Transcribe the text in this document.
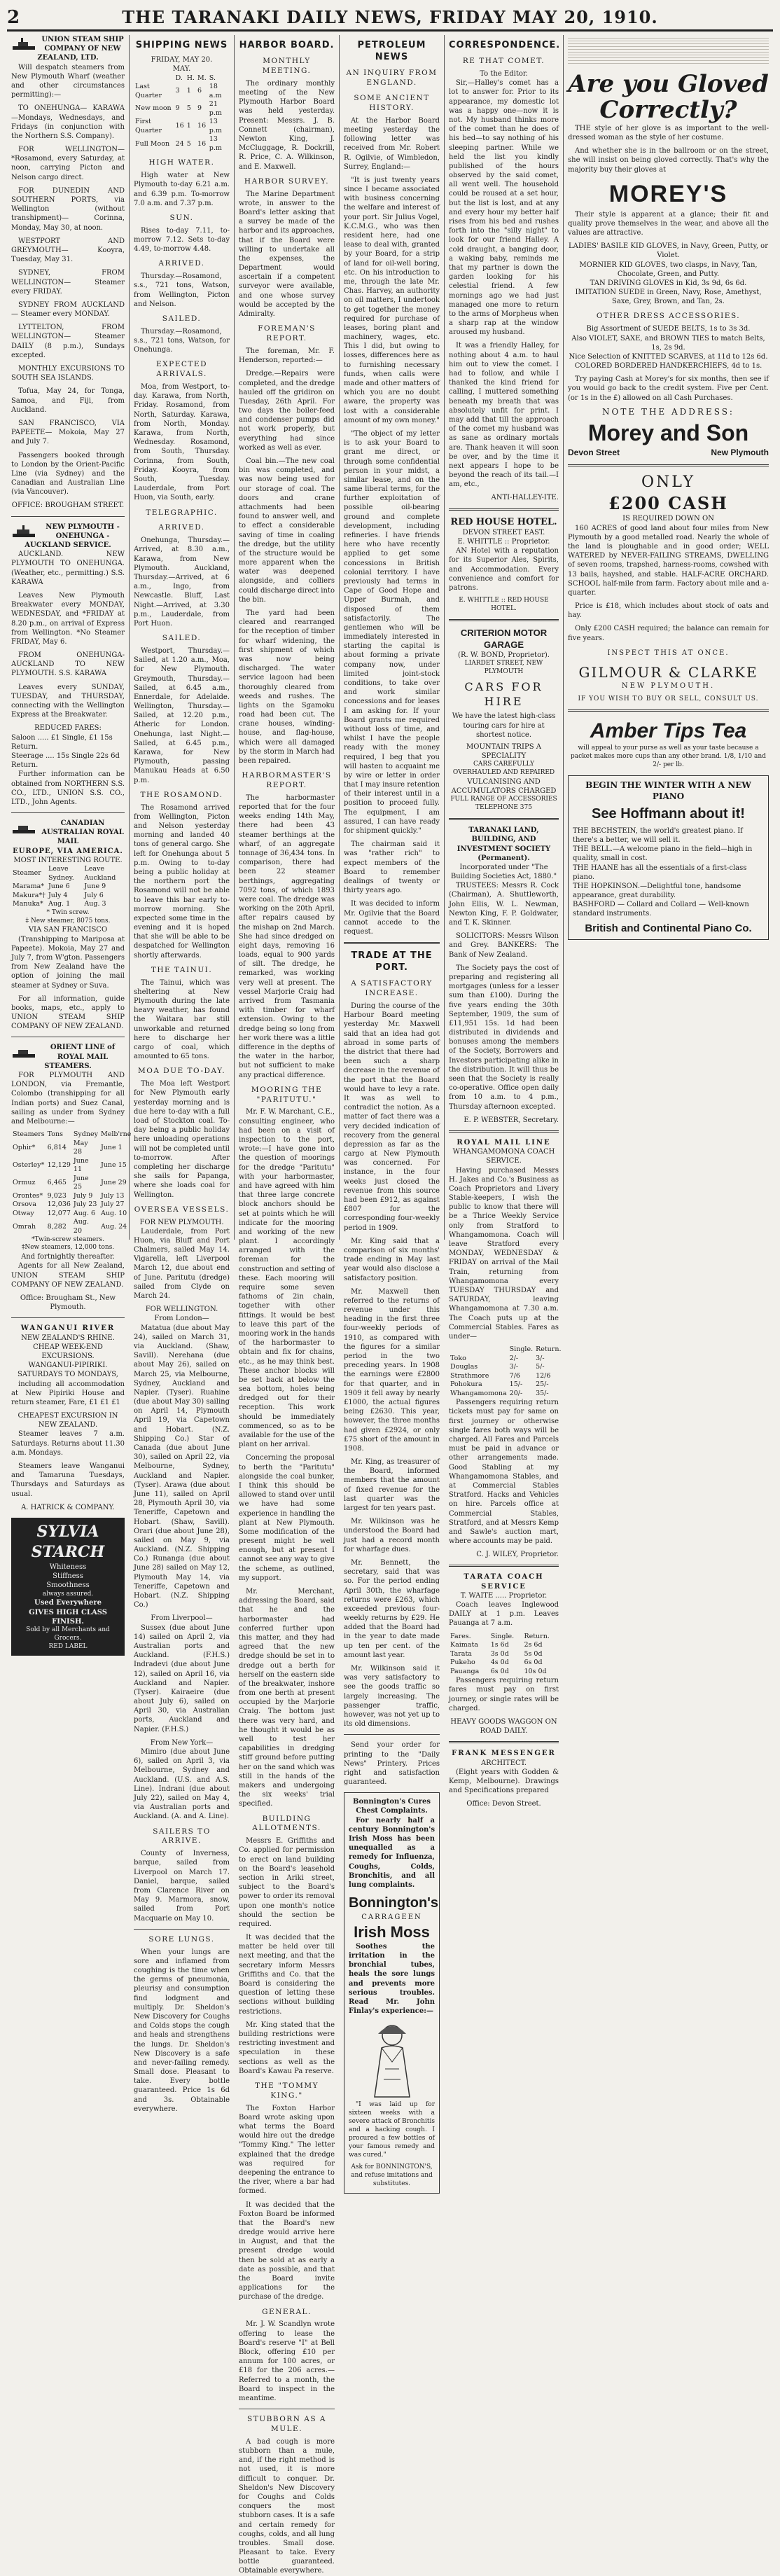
2	THE TARANAKI DAILY NEWS, FRIDAY MAY 20, 1910.
UNION STEAM SHIP COMPANY OF NEW ZEALAND, LTD.

Will despatch steamers from New Plymouth Wharf (weather and other circumstances permitting):—

TO ONEHUNGA— KARAWA—Mondays, Wednesdays, and Fridays (in conjunction with the Northern S.S. Company).

FOR WELLINGTON— *Rosamond, every Saturday, at noon, carrying Picton and Nelson cargo direct.

FOR DUNEDIN AND SOUTHERN PORTS, via Wellington (without transhipment)— Corinna, Monday, May 30, at noon.

WESTPORT AND GREYMOUTH— Kooyra, Tuesday, May 31.

SYDNEY, FROM WELLINGTON— Steamer every FRIDAY.

SYDNEY FROM AUCKLAND— Steamer every MONDAY.

LYTTELTON, FROM WELLINGTON— Steamer DAILY (8 p.m.), Sundays excepted.

MONTHLY EXCURSIONS TO SOUTH SEA ISLANDS.

Tofua, May 24, for Tonga, Samoa, and Fiji, from Auckland.

SAN FRANCISCO, VIA PAPEETE— Mokoia, May 27 and July 7.

Passengers booked through to London by the Orient-Pacific Line (via Sydney) and the Canadian and Australian Line (via Vancouver).

OFFICE: BROUGHAM STREET.
NEW PLYMOUTH - ONEHUNGA - AUCKLAND SERVICE.

AUCKLAND. NEW PLYMOUTH TO ONEHUNGA. (Weather, etc., permitting.) S.S. KARAWA

Leaves New Plymouth Breakwater every MONDAY, WEDNESDAY, and *FRIDAY at 8.20 p.m., on arrival of Express from Wellington. *No Steamer FRIDAY, May 6.

FROM ONEHUNGA-AUCKLAND TO NEW PLYMOUTH. S.S. KARAWA

Leaves every SUNDAY, TUESDAY, and THURSDAY, connecting with the Wellington Express at the Breakwater.

REDUCED FARES:
Saloon ..... £1 Single, £1 15s Return.
Steerage .... 15s Single 22s 6d Return.

Further information can be obtained from NORTHERN S.S. CO., LTD., UNION S.S. CO., LTD., John Agents.

CANADIAN AUSTRALIAN ROYAL MAIL
EUROPE, VIA AMERICA.
MOST INTERESTING ROUTE.
Steamer	Leave Sydney.	Leave Auckland
Marama*	June 6	June 9
Makura*†	July 4	July 6
Manuka*	Aug. 1	Aug. 3
* Twin screw.
‡ New steamer, 8075 tons.
VIA SAN FRANCISCO

(Transhipping to Mariposa at Papeete). Mokoia, May 27 and July 7, from W'gton. Passengers from New Zealand have the option of joining the mail steamer at Sydney or Suva.

For all information, guide books, maps, etc., apply to UNION STEAM SHIP COMPANY OF NEW ZEALAND.

ORIENT LINE of ROYAL MAIL STEAMERS.

FOR PLYMOUTH AND LONDON, via Fremantle, Colombo (transhipping for all Indian ports) and Suez Canal, sailing as under from Sydney and Melbourne:—

Steamers	Tons	Sydney	Melb'rne
Ophir*	6,814	May 28	June 1
Osterley*	12,129	June 11	June 15
Ormuz	6,465	June 25	June 29
Orontes*	9,023	July 9	July 13
Orsova	12,036	July 23	July 27
Otway	12,077	Aug. 6	Aug. 10
Omrah	8,282	Aug. 20	Aug. 24
*Twin-screw steamers.
‡New steamers, 12,000 tons.
And fortnightly thereafter.

Agents for all New Zealand, UNION STEAM SHIP COMPANY OF NEW ZEALAND.

Office: Brougham St., New Plymouth.
WANGANUI RIVER
NEW ZEALAND'S RHINE.
CHEAP WEEK-END EXCURSIONS.
WANGANUI-PIPIRIKI.
SATURDAYS TO MONDAYS,

including all accommodation at New Pipiriki House and return steamer, Fare, £1 £1 £1

CHEAPEST EXCURSION IN NEW ZEALAND.

Steamer leaves 7 a.m. Saturdays. Returns about 11.30 a.m. Mondays.

Steamers leave Wanganui and Tamaruna Tuesdays, Thursdays and Saturdays as usual.

A. HATRICK & COMPANY.
SYLVIA STARCH
Whiteness
Stiffness
Smoothness
always assured.
Used Everywhere
GIVES HIGH CLASS FINISH.
Sold by all Merchants and Grocers.
RED LABEL
SHIPPING NEWS
FRIDAY, MAY 20.
MAY.
	D.	H.	M.	S.
Last Quarter	3	1	6	18 a.m
New moon	9	5	9	21 p.m
First Quarter	16	1	16	13 p.m
Full Moon	24	5	16	13 p.m
HIGH WATER.

High water at New Plymouth to-day 6.21 a.m. and 6.39 p.m. To-morrow 7.0 a.m. and 7.37 p.m.

SUN.

Rises to-day 7.11, to-morrow 7.12. Sets to-day 4.49, to-morrow 4.48.

ARRIVED.

Thursday.—Rosamond, s.s., 721 tons, Watson, from Wellington, Picton and Nelson.

SAILED.

Thursday.—Rosamond, s.s., 721 tons, Watson, for Onehunga.

EXPECTED ARRIVALS.

Moa, from Westport, to-day. Karawa, from North, Friday. Rosamond, from North, Saturday. Karawa, from North, Monday. Karawa, from North, Wednesday. Rosamond, from South, Thursday. Corinna, from South, Friday. Kooyra, from South, Tuesday. Lauderdale, from Port Huon, via South, early.

TELEGRAPHIC.
ARRIVED.

Onehunga, Thursday.—Arrived, at 8.30 a.m., Karawa, from New Plymouth. Auckland, Thursday.—Arrived, at 6 a.m., Ingo, from Newcastle. Bluff, Last Night.—Arrived, at 3.30 p.m., Lauderdale, from Port Huon.

SAILED.

Westport, Thursday.—Sailed, at 1.20 a.m., Moa, for New Plymouth. Greymouth, Thursday.—Sailed, at 6.45 a.m., Ennerdale, for Adelaide. Wellington, Thursday.—Sailed, at 12.20 p.m., Atheric for London. Onehunga, last Night.—Sailed, at 6.45 p.m., Karawa, for New Plymouth, passing Manukau Heads at 6.50 p.m.

THE ROSAMOND.

The Rosamond arrived from Wellington, Picton and Nelson yesterday morning and landed 40 tons of general cargo. She left for Onehunga about 5 p.m. Owing to to-day being a public holiday at the northern port the Rosamond will not be able to leave this bar early to-morrow morning. She expected some time in the evening and it is hoped that she will be able to be despatched for Wellington shortly afterwards.

THE TAINUI.

The Tainui, which was sheltering at New Plymouth during the late heavy weather, has found the Waitara bar still unworkable and returned here to discharge her cargo of coal, which amounted to 65 tons.

MOA DUE TO-DAY.

The Moa left Westport for New Plymouth early yesterday morning and is due here to-day with a full load of Stockton coal. To-day being a public holiday here unloading operations will not be completed until to-morrow. After completing her discharge she sails for Papanga, where she loads coal for Wellington.

OVERSEA VESSELS.
FOR NEW PLYMOUTH.

Lauderdale, from Port Huon, via Bluff and Port Chalmers, sailed May 14. Vigarella, left Liverpool March 12, due about end of June. Paritutu (dredge) sailed from Clyde on March 24.

FOR WELLINGTON.
From London—

Matatua (due about May 24), sailed on March 31, via Auckland. (Shaw, Savill). Nerehana (due about May 26), sailed on March 25, via Melbourne, Sydney, Auckland and Napier. (Tyser). Ruahine (due about May 30) sailing on April 14, Plymouth April 19, via Capetown and Hobart. (N.Z. Shipping Co.) Star of Canada (due about June 30), sailed on April 22, via Melbourne, Sydney, Auckland and Napier. (Tyser). Arawa (due about June 11), sailed on April 28, Plymouth April 30, via Teneriffe, Capetown and Hobart. (Shaw, Savill). Orari (due about June 28), sailed on May 9, via Auckland. (N.Z. Shipping Co.) Runanga (due about June 28) sailed on May 12, Plymouth May 14, via Teneriffe, Capetown and Hobart. (N.Z. Shipping Co.)

From Liverpool—

Sussex (due about June 14) sailed on April 2, via Australian ports and Auckland. (F.H.S.) Indradevi (due about June 12), sailed on April 16, via Auckland and Napier. (Tyser). Kairaeire (due about July 6), sailed on April 30, via Australian ports, Auckland and Napier. (F.H.S.)

From New York—

Mimiro (due about June 6), sailed on April 3, via Melbourne, Sydney and Auckland. (U.S. and A.S. Line). Indrani (due about July 22), sailed on May 4, via Australian ports and Auckland. (A. and A. Line).

SAILERS TO ARRIVE.

County of Inverness, barque, sailed from Liverpool on March 17. Daniel, barque, sailed from Clarence River on May 9. Marmora, snow, sailed from Port Macquarie on May 10.

SORE LUNGS.

When your lungs are sore and inflamed from coughing is the time when the germs of pneumonia, pleurisy and consumption find lodgment and multiply. Dr. Sheldon's New Discovery for Coughs and Colds stops the cough and heals and strengthens the lungs. Dr. Sheldon's New Discovery is a safe and never-failing remedy. Small dose. Pleasant to take. Every bottle guaranteed. Price 1s 6d and 3s. Obtainable everywhere.

HARBOR BOARD.
MONTHLY MEETING.

The ordinary monthly meeting of the New Plymouth Harbor Board was held yesterday. Present: Messrs. J. B. Connett (chairman), Newton King, J. McCluggage, R. Dockrill, R. Price, C. A. Wilkinson, and E. Maxwell.

HARBOR SURVEY.

The Marine Department wrote, in answer to the Board's letter asking that a survey be made of the harbor and its approaches, that if the Board were willing to undertake all the expenses, the Department would ascertain if a competent surveyor were available, and one whose survey would be accepted by the Admiralty.

FOREMAN'S REPORT.

The foreman, Mr. F. Henderson, reported:—

Dredge.—Repairs were completed, and the dredge hauled off the gridiron on Tuesday, 26th April. For two days the boiler-feed and condenser pumps did not work properly, but everything had since worked as well as ever.

Coal bin.—The new coal bin was completed, and was now being used for our storage of coal. The doors and crane attachments had been found to answer well, and to effect a considerable saving of time in coaling the dredge, but the utility of the structure would be more apparent when the water was deepened alongside, and colliers could discharge direct into the bin.

The yard had been cleared and rearranged for the reception of timber for wharf widening, the first shipment of which was now being discharged. The water service lagoon had been thoroughly cleared from weeds and rushes. The lights on the Sgamoku road had been cut. The crane houses, winding-house, and flag-house, which were all damaged by the storm in March had been repaired.

HARBORMASTER'S REPORT.

The harbormaster reported that for the four weeks ending 14th May, there had been 43 steamer berthings at the wharf, of an aggregate tonnage of 36,434 tons. In comparison, there had been 22 steamer berthings, aggregating 7092 tons, of which 1893 were coal. The dredge was working on the 20th April, after repairs caused by the mishap on 2nd March. She had since dredged on eight days, removing 16 loads, equal to 900 yards of silt. The dredge, he remarked, was working very well at present. The vessel Marjorie Craig had arrived from Tasmania with timber for wharf extension. Owing to the dredge being so long from her work there was a little difference in the depths of the water in the harbor, but not sufficient to make any practical difference.

MOORING THE "PARITUTU."

Mr. F. W. Marchant, C.E., consulting engineer, who had been on a visit of inspection to the port, wrote:—I have gone into the question of moorings for the dredge "Paritutu" with your harbormaster, and have agreed with him that three large concrete block anchors should be set at points which he will indicate for the mooring and working of the new plant. I accordingly arranged with the foreman for the construction and setting of these. Each mooring will require some seven fathoms of 2in chain, together with other fittings. It would be best to leave this part of the mooring work in the hands of the harbormaster to obtain and fix for chains, etc., as he may think best. These anchor blocks will be set back at below the sea bottom, holes being dredged out for their reception. This work should be immediately commenced, so as to be available for the use of the plant on her arrival.

Concerning the proposal to berth the "Paritutu" alongside the coal bunker, I think this should be allowed to stand over until we have had some experience in handling the plant at New Plymouth. Some modification of the present might be well enough, but at present I cannot see any way to give the scheme, as outlined, my support.

Mr. Merchant, addressing the Board, said that he and the harbormaster had conferred further upon this matter, and they had agreed that the new dredge should be set in to dredge out a berth for herself on the eastern side of the breakwater, inshore from one berth at present occupied by the Marjorie Craig. The bottom just there was very hard, and he thought it would be as well to test her capabilities in dredging stiff ground before putting her on the sand which was still in the hands of the makers and undergoing the six weeks' trial specified.

BUILDING ALLOTMENTS.

Messrs E. Griffiths and Co. applied for permission to erect on land building on the Board's leasehold section in Ariki street, subject to the Board's power to order its removal upon one month's notice should the section be required.

It was decided that the matter be held over till next meeting, and that the secretary inform Messrs Griffiths and Co. that the Board is considering the question of letting these sections without building restrictions.

Mr. King stated that the building restrictions were restricting investment and speculation in these sections as well as the Board's Kawau Pa reserve.

THE "TOMMY KING."

The Foxton Harbor Board wrote asking upon what terms the Board would hire out the dredge "Tommy King." The letter explained that the dredge was required for deepening the entrance to the river, where a bar had formed.

It was decided that the Foxton Board be informed that the Board's new dredge would arrive here in August, and that the present dredge would then be sold at as early a date as possible, and that the Board invite applications for the purchase of the dredge.

GENERAL.

Mr. J. W. Scandlyn wrote offering to lease the Board's reserve "I" at Bell Block, offering £10 per annum for 100 acres, or £18 for the 206 acres.—Referred to a month, the Board to inspect in the meantime.

STUBBORN AS A MULE.

A bad cough is more stubborn than a mule, and, if the right method is not used, it is more difficult to conquer. Dr. Sheldon's New Discovery for Coughs and Colds conquers the most stubborn cases. It is a safe and certain remedy for coughs, colds, and all lung troubles. Small dose. Pleasant to take. Every bottle guaranteed. Obtainable everywhere.

PETROLEUM NEWS
AN INQUIRY FROM ENGLAND.
SOME ANCIENT HISTORY.

At the Harbor Board meeting yesterday the following letter was received from Mr. Robert R. Ogilvie, of Wimbledon, Surrey, England:—

"It is just twenty years since I became associated with business concerning the welfare and interest of your port. Sir Julius Vogel, K.C.M.G., who was then resident here, had one lease to deal with, granted by your Board, for a strip of land for oil-well boring, etc. On his introduction to me, through the late Mr. Chas. Harvey, an authority on oil matters, I undertook to get together the money required for purchase of leases, boring plant and machinery, wages, etc. This I did, but owing to losses, differences here as to furnishing necessary funds, when calls were made and other matters of which you are no doubt aware, the property was lost with a considerable amount of my own money."

"The object of my letter is to ask your Board to grant me direct, or through some confidential person in your midst, a similar lease, and on the same liberal terms, for the further exploitation of possible oil-bearing ground and complete development, including refineries. I have friends here who have recently applied to get some concessions in British colonial territory. I have previously had terms in Cape of Good Hope and Upper Burmah, and disposed of them satisfactorily. The gentlemen who will be immediately interested in starting the capital is about forming a private company now, under limited joint-stock conditions, to take over and work similar concessions and for leases I am asking for. If your Board grants me required without loss of time, and whilst I have the people ready with the money required, I beg that you will hasten to acquaint me by wire or letter in order that I may insure retention of their interest until in a position to proceed fully. The equipment, I am assured, I can have ready for shipment quickly."

The chairman said it was "rather rich" to expect members of the Board to remember dealings of twenty or thirty years ago.

It was decided to inform Mr. Ogilvie that the Board cannot accede to the request.

TRADE AT THE PORT.
A SATISFACTORY INCREASE.

During the course of the Harbour Board meeting yesterday Mr. Maxwell said that an idea had got abroad in some parts of the district that there had been such a sharp decrease in the revenue of the port that the Board would have to levy a rate. It was as well to contradict the notion. As a matter of fact there was a very decided indication of recovery from the general depression as far as the cargo at New Plymouth was concerned. For instance, in the four weeks just closed the revenue from this source had been £912, as against £807 for the corresponding four-weekly period in 1909.

Mr. King said that a comparison of six months' trade ending in May last year would also disclose a satisfactory position.

Mr. Maxwell then referred to the returns of revenue under this heading in the first three four-weekly periods of 1910, as compared with the figures for a similar period in the two preceding years. In 1908 the earnings were £2800 for that quarter, and in 1909 it fell away by nearly £1000, the actual figures being £2630. This year, however, the three months had given £2924, or only £75 short of the amount in 1908.

Mr. King, as treasurer of the Board, informed members that the amount of fixed revenue for the last quarter was the largest for ten years past.

Mr. Wilkinson was he understood the Board had just had a record month for wharfage dues.

Mr. Bennett, the secretary, said that was so. For the period ending April 30th, the wharfage returns were £263, which exceeded previous four-weekly returns by £29. He added that the Board had in the year to date made up ten per cent. of the amount last year.

Mr. Wilkinson said it was very satisfactory to see the goods traffic so largely increasing. The passenger traffic, however, was not yet up to its old dimensions.

Send your order for printing to the "Daily News" Printery. Prices right and satisfaction guaranteed.

Bonnington's Cures Chest Complaints.

For nearly half a century Bonnington's Irish Moss has been unequalled as a remedy for Influenza, Coughs, Colds, Bronchitis, and all lung complaints.

Bonnington's
CARRAGEEN
Irish Moss

Soothes the irritation in the bronchial tubes, heals the sore lungs and prevents more serious troubles. Read Mr. John Finlay's experience:—

"I was laid up for sixteen weeks with a severe attack of Bronchitis and a hacking cough. I procured a few bottles of your famous remedy and was cured."

Ask for BONNINGTON'S, and refuse imitations and substitutes.
CORRESPONDENCE.
RE THAT COMET.
To the Editor.

Sir,—Halley's comet has a lot to answer for. Prior to its appearance, my domestic lot was a happy one—now it is not. My husband thinks more of the comet than he does of his bed—to say nothing of his sleeping partner. While we held the list you kindly published of the hours observed by the said comet, all went well. The household could be roused at a set hour, but the list is lost, and at any and every hour my better half rises from his bed and rushes forth into the "silly night" to look for our friend Halley. A cold draught, a banging door, a waking baby, reminds me that my partner is down the garden looking for his celestial friend. A few mornings ago we had just managed one more to return to the arms of Morpheus when a sharp rap at the window aroused my husband.

It was a friendly Halley, for nothing about 4 a.m. to haul him out to view the comet. I had to follow, and while I thanked the kind friend for calling, I muttered something beneath my breath that was absolutely unfit for print. I may add that till the approach of the comet my husband was as sane as ordinary mortals are. Thank heaven it will soon be over, and by the time it next appears I hope to be beyond the reach of its tail.—I am, etc.,

ANTI-HALLEY-ITE.
RED HOUSE HOTEL.
DEVON STREET EAST.
E. WHITTLE :: Proprietor.

AN Hotel with a reputation for its Superior Ales, Spirits, and Accommodation. Every convenience and comfort for patrons.

E. WHITTLE :: RED HOUSE HOTEL.
CRITERION MOTOR GARAGE
(R. W. BOND, Proprietor).
LIARDET STREET, NEW PLYMOUTH
CARS FOR HIRE
We have the latest high-class touring cars for hire at shortest notice.
MOUNTAIN TRIPS A SPECIALITY
CARS CAREFULLY OVERHAULED AND REPAIRED
VULCANISING AND ACCUMULATORS CHARGED
FULL RANGE OF ACCESSORIES TELEPHONE 375
TARANAKI LAND, BUILDING, AND INVESTMENT SOCIETY (Permanent).
Incorporated under "The Building Societies Act, 1880."

TRUSTEES: Messrs R. Cock (Chairman), A. Shuttleworth, John Ellis, W. L. Newman, Newton King, F. P. Goldwater, and T. K. Skinner.

SOLICITORS: Messrs Wilson and Grey. BANKERS: The Bank of New Zealand.

The Society pays the cost of preparing and registering all mortgages (unless for a lesser sum than £100). During the five years ending the 30th September, 1909, the sum of £11,951 15s. 1d had been distributed in dividends and bonuses among the members of the Society, Borrowers and Investors participating alike in the distribution. It will thus be seen that the Society is really co-operative. Office open daily from 10 a.m. to 4 p.m., Thursday afternoon excepted.

E. P. WEBSTER, Secretary.
ROYAL MAIL LINE
WHANGAMOMONA COACH SERVICE.

Having purchased Messrs H. Jakes and Co.'s Business as Coach Proprietors and Livery Stable-keepers, I wish the public to know that there will be a Thrice Weekly Service only from Stratford to Whangamomona. Coach will leave Stratford every MONDAY, WEDNESDAY & FRIDAY on arrival of the Mail Train, returning from Whangamomona every TUESDAY THURSDAY and SATURDAY, leaving Whangamomona at 7.30 a.m. The Coach puts up at the Commercial Stables. Fares as under—

	Single.	Return.
Toko	2/-	3/-
Douglas	3/-	5/-
Strathmore	7/6	12/6
Pohokura	15/-	25/-
Whangamomona	20/-	35/-

Passengers requiring return tickets must pay for same on first journey or otherwise single fares both ways will be charged. All Fares and Parcels must be paid in advance or other arrangements made. Good Stabling at my Whangamomona Stables, and at Commercial Stables Stratford. Hacks and Vehicles on hire. Parcels office at Commercial Stables, Stratford, and at Messrs Kemp and Sawle's auction mart, where accounts may be paid.

C. J. WILEY, Proprietor.
TARATA COACH SERVICE
T. WAITE ..... Proprietor.

Coach leaves Inglewood DAILY at 1 p.m. Leaves Pauanga at 7 a.m.

Fares.	Single.	Return.
Kaimata	1s 6d	2s 6d
Tarata	3s 0d	5s 0d
Pukeho	4s 0d	6s 0d
Pauanga	6s 0d	10s 0d

Passengers requiring return fares must pay on first journey, or single rates will be charged.

HEAVY GOODS WAGGON ON ROAD DAILY.
FRANK MESSENGER
ARCHITECT.

(Eight years with Godden & Kemp, Melbourne). Drawings and Specifications prepared

Office: Devon Street.
Are you Gloved Correctly?

THE style of her glove is as important to the well-dressed woman as the style of her costume.

And whether she is in the ballroom or on the street, she will insist on being gloved correctly. That's why the majority buy their gloves at

MOREY'S

Their style is apparent at a glance; their fit and quality prove themselves in the wear, and above all the values are attractive.

LADIES' BASILE KID GLOVES, in Navy, Green, Putty, or Violet.
MORNIER KID GLOVES, two clasps, in Navy, Tan, Chocolate, Green, and Putty.
TAN DRIVING GLOVES in Kid, 3s 9d, 6s 6d.
IMITATION SUEDE in Green, Navy, Rose, Amethyst, Saxe, Grey, Brown, and Tan, 2s.
OTHER DRESS ACCESSORIES.
Big Assortment of SUEDE BELTS, 1s to 3s 3d.
Also VIOLET, SAXE, and BROWN TIES to match Belts, 1s, 2s 9d.
Nice Selection of KNITTED SCARVES, at 11d to 12s 6d.
COLORED BORDERED HANDKERCHIEFS, 4d to 1s.

Try paying Cash at Morey's for six months, then see if you would go back to the credit system. Five per Cent. (or 1s in the £) allowed on all Cash Purchases.

NOTE THE ADDRESS:
Morey and Son
Devon Street	New Plymouth
ONLY
£200 CASH
IS REQUIRED DOWN ON

160 ACRES of good land about four miles from New Plymouth by a good metalled road. Nearly the whole of the land is ploughable and in good order; WELL WATERED by NEVER-FAILING STREAMS, DWELLING of seven rooms, trapshed, harness-rooms, cowshed with 13 bails, hayshed, and stable. HALF-ACRE ORCHARD. SCHOOL half-mile from farm. Factory about mile and a-quarter.

Price is £18, which includes about stock of oats and hay.

Only £200 CASH required; the balance can remain for five years.

INSPECT THIS AT ONCE.
GILMOUR & CLARKE
NEW PLYMOUTH.
IF YOU WISH TO BUY OR SELL, CONSULT US.
Amber Tips Tea
will appeal to your purse as well as your taste because a packet makes more cups than any other brand. 1/8, 1/10 and 2/- per lb.
BEGIN THE WINTER WITH A NEW PIANO
See Hoffmann about it!
THE BECHSTEIN, the world's greatest piano. If there's a better, we will sell it.
THE BELL.—A welcome piano in the field—high in quality, small in cost.
THE HAANE has all the essentials of a first-class piano.
THE HOPKINSON.—Delightful tone, handsome appearance, great durability.
BASHFORD — Collard and Collard — Well-known standard instruments.
British and Continental Piano Co.
